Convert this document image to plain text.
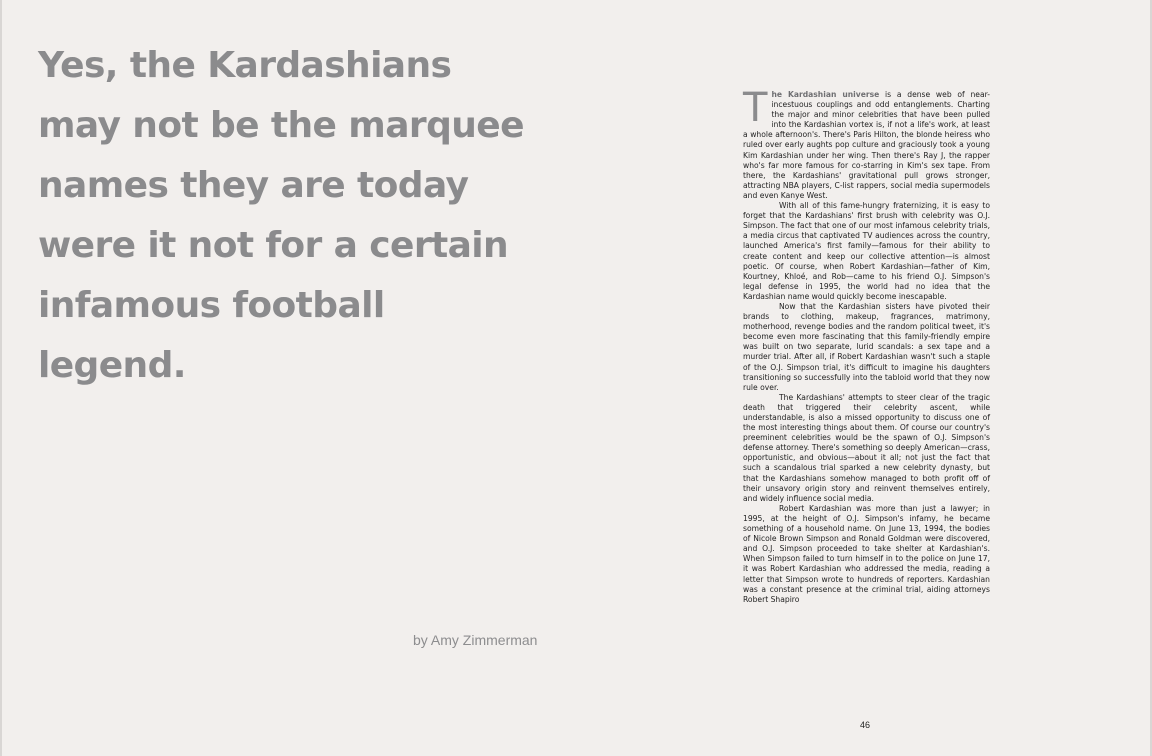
Yes, the Kardashians may not be the marquee names they are today were it not for a certain infamous football legend.

by Amy Zimmerman

The Kardashian universe is a dense web of near-incestuous couplings and odd entanglements. Charting the major and minor celebrities that have been pulled into the Kardashian vortex is, if not a life's work, at least a whole afternoon's. There's Paris Hilton, the blonde heiress who ruled over early aughts pop culture and graciously took a young Kim Kardashian under her wing. Then there's Ray J, the rapper who's far more famous for co-starring in Kim's sex tape. From there, the Kardashians' gravitational pull grows stronger, attracting NBA players, C-list rappers, social media supermodels and even Kanye West.

With all of this fame-hungry fraternizing, it is easy to forget that the Kardashians' first brush with celebrity was O.J. Simpson. The fact that one of our most infamous celebrity trials, a media circus that captivated TV audiences across the country, launched America's first family—famous for their ability to create content and keep our collective attention—is almost poetic. Of course, when Robert Kardashian—father of Kim, Kourtney, Khloé, and Rob—came to his friend O.J. Simpson's legal defense in 1995, the world had no idea that the Kardashian name would quickly become inescapable.

Now that the Kardashian sisters have pivoted their brands to clothing, makeup, fragrances, matrimony, motherhood, revenge bodies and the random political tweet, it's become even more fascinating that this family-friendly empire was built on two separate, lurid scandals: a sex tape and a murder trial. After all, if Robert Kardashian wasn't such a staple of the O.J. Simpson trial, it's difficult to imagine his daughters transitioning so successfully into the tabloid world that they now rule over.

The Kardashians' attempts to steer clear of the tragic death that triggered their celebrity ascent, while understandable, is also a missed opportunity to discuss one of the most interesting things about them. Of course our country's preeminent celebrities would be the spawn of O.J. Simpson's defense attorney. There's something so deeply American—crass, opportunistic, and obvious—about it all; not just the fact that such a scandalous trial sparked a new celebrity dynasty, but that the Kardashians somehow managed to both profit off of their unsavory origin story and reinvent themselves entirely, and widely influence social media.

Robert Kardashian was more than just a lawyer; in 1995, at the height of O.J. Simpson's infamy, he became something of a household name. On June 13, 1994, the bodies of Nicole Brown Simpson and Ronald Goldman were discovered, and O.J. Simpson proceeded to take shelter at Kardashian's. When Simpson failed to turn himself in to the police on June 17, it was Robert Kardashian who addressed the media, reading a letter that Simpson wrote to hundreds of reporters. Kardashian was a constant presence at the criminal trial, aiding attorneys Robert Shapiro

46
